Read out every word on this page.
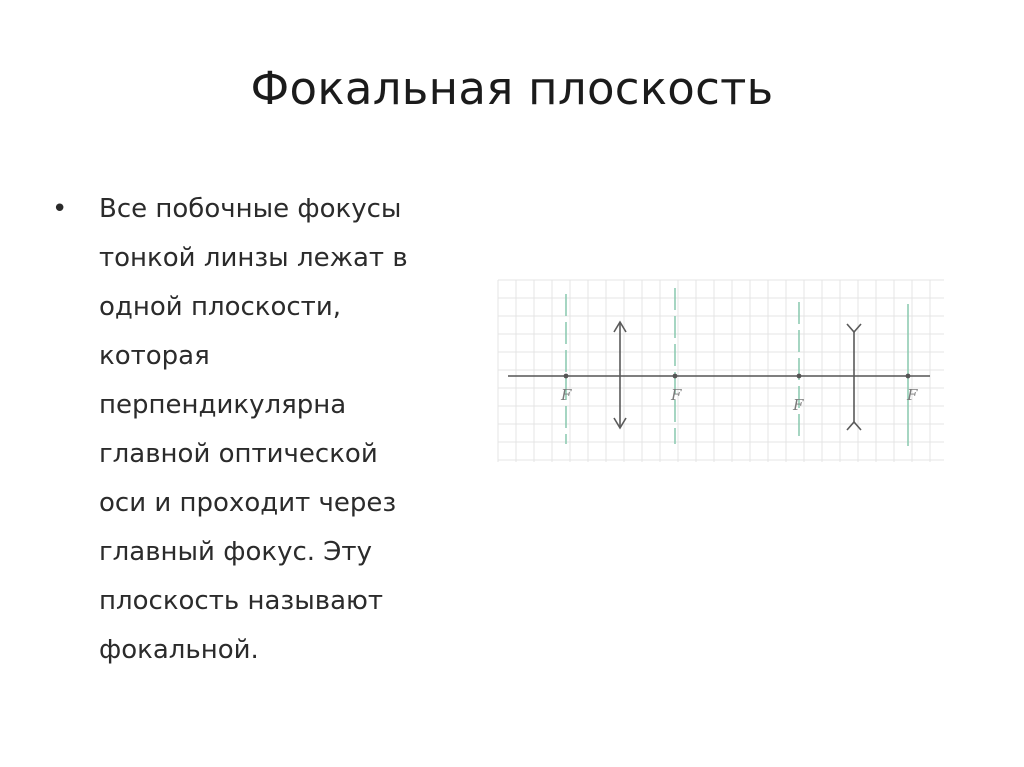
Фокальная плоскость
• Все побочные фокусы
тонкой линзы лежат в
одной плоскости,
которая
перпендикулярна
главной оптической
оси и проходит через
главный фокус. Эту
плоскость называют
фокальной.
F	F
F
F
